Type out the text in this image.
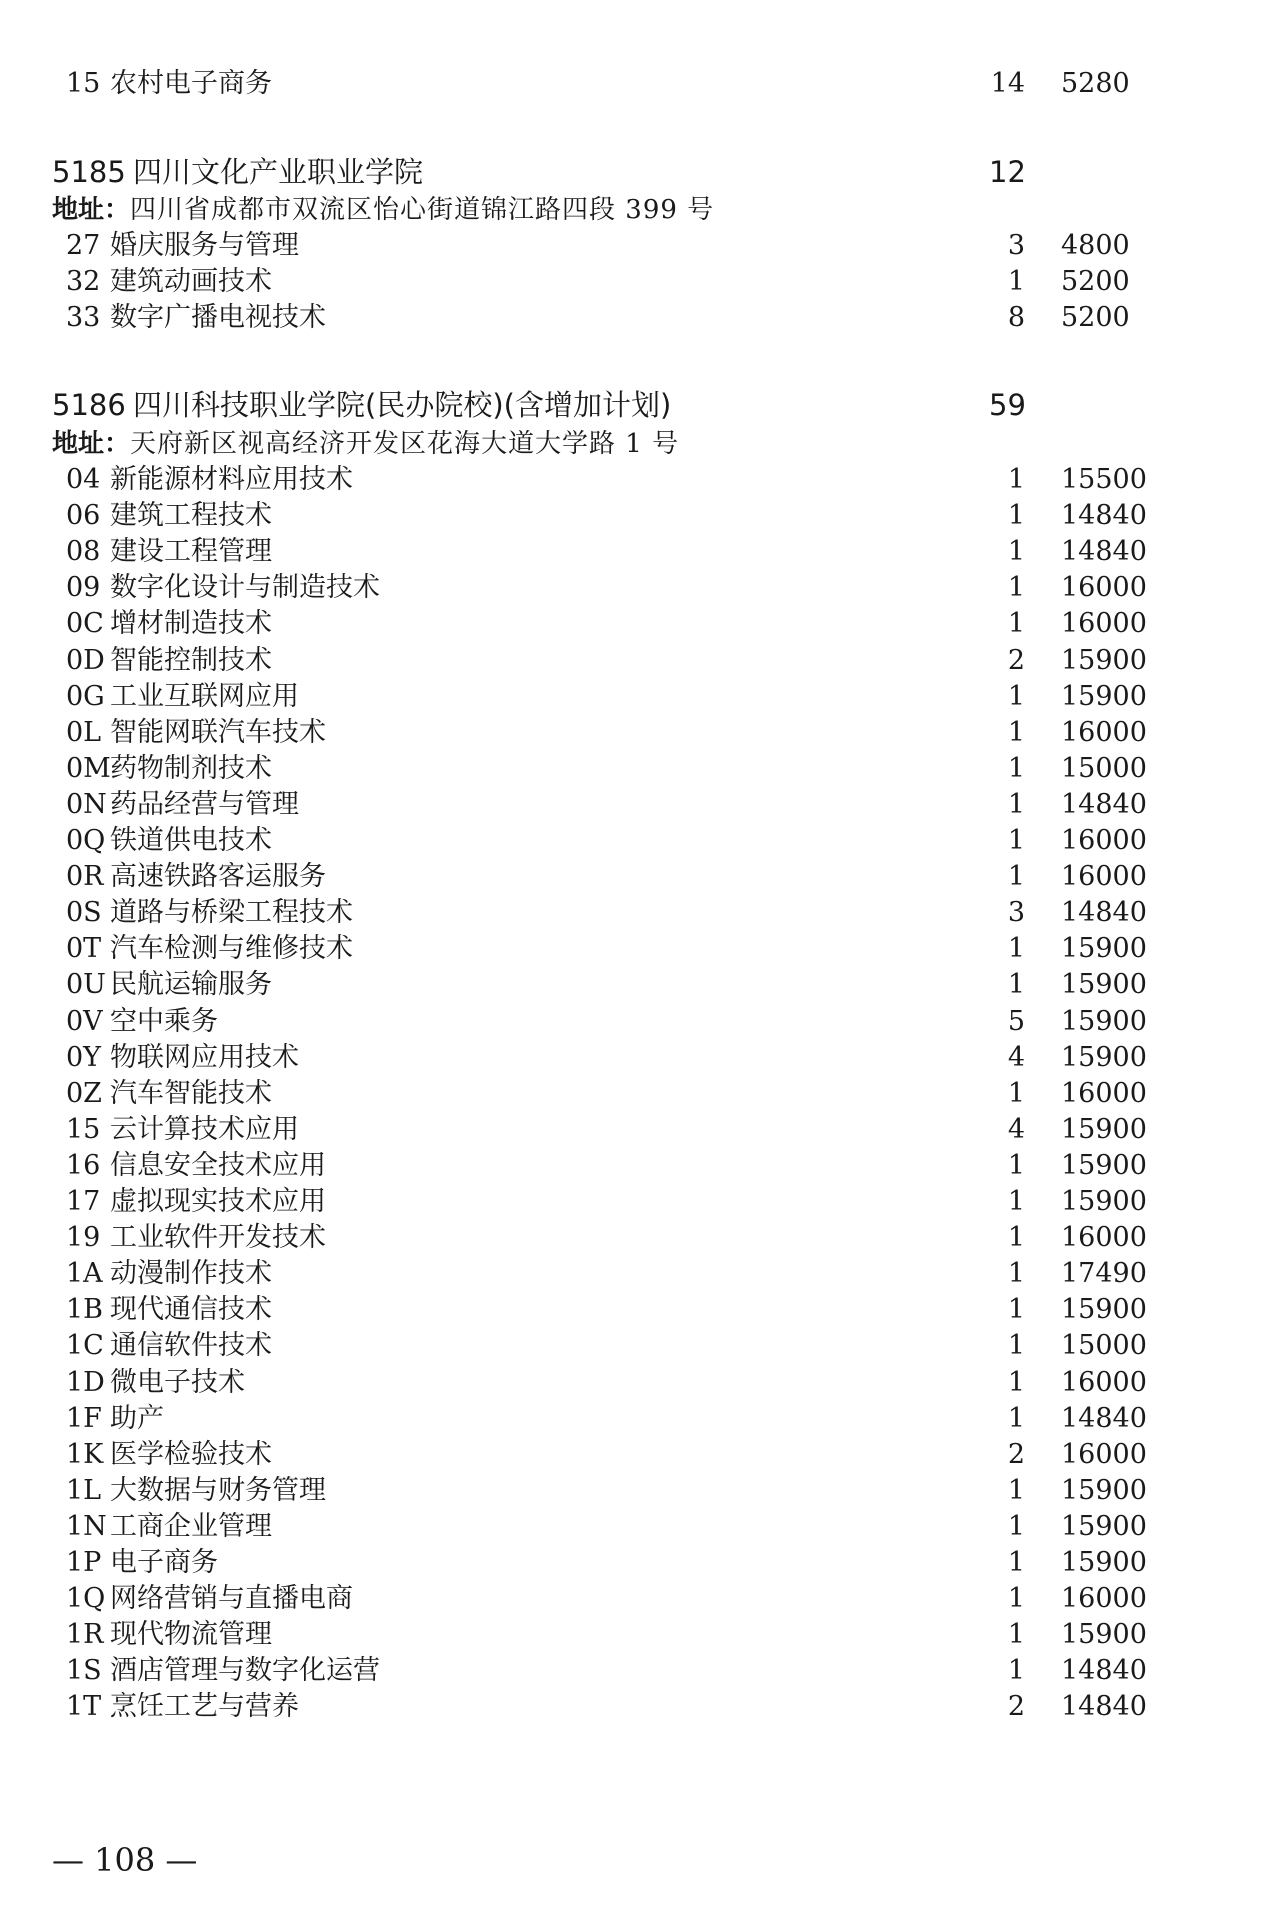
15 农村电子商务	14 5280
5185 四川文化产业职业学院	12
地址：四川省成都市双流区怡心街道锦江路四段 399 号
27 婚庆服务与管理	3 4800
32 建筑动画技术	1 5200
33 数字广播电视技术	8 5200
5186 四川科技职业学院(民办院校)(含增加计划)	59
地址：天府新区视高经济开发区花海大道大学路 1 号
04 新能源材料应用技术	1 15500
06 建筑工程技术	1 14840
08 建设工程管理	1 14840
09 数字化设计与制造技术	1 16000
0C 增材制造技术	1 16000
0D 智能控制技术	2 15900
0G 工业互联网应用	1 15900
0L 智能网联汽车技术	1 16000
0M 药物制剂技术	1 15000
0N 药品经营与管理	1 14840
0Q 铁道供电技术	1 16000
0R 高速铁路客运服务	1 16000
0S 道路与桥梁工程技术	3 14840
0T 汽车检测与维修技术	1 15900
0U 民航运输服务	1 15900
0V 空中乘务	5 15900
0Y 物联网应用技术	4 15900
0Z 汽车智能技术	1 16000
15 云计算技术应用	4 15900
16 信息安全技术应用	1 15900
17 虚拟现实技术应用	1 15900
19 工业软件开发技术	1 16000
1A 动漫制作技术	1 17490
1B 现代通信技术	1 15900
1C 通信软件技术	1 15000
1D 微电子技术	1 16000
1F 助产	1 14840
1K 医学检验技术	2 16000
1L 大数据与财务管理	1 15900
1N 工商企业管理	1 15900
1P 电子商务	1 15900
1Q 网络营销与直播电商	1 16000
1R 现代物流管理	1 15900
1S 酒店管理与数字化运营	1 14840
1T 烹饪工艺与营养	2 14840
— 108 —
